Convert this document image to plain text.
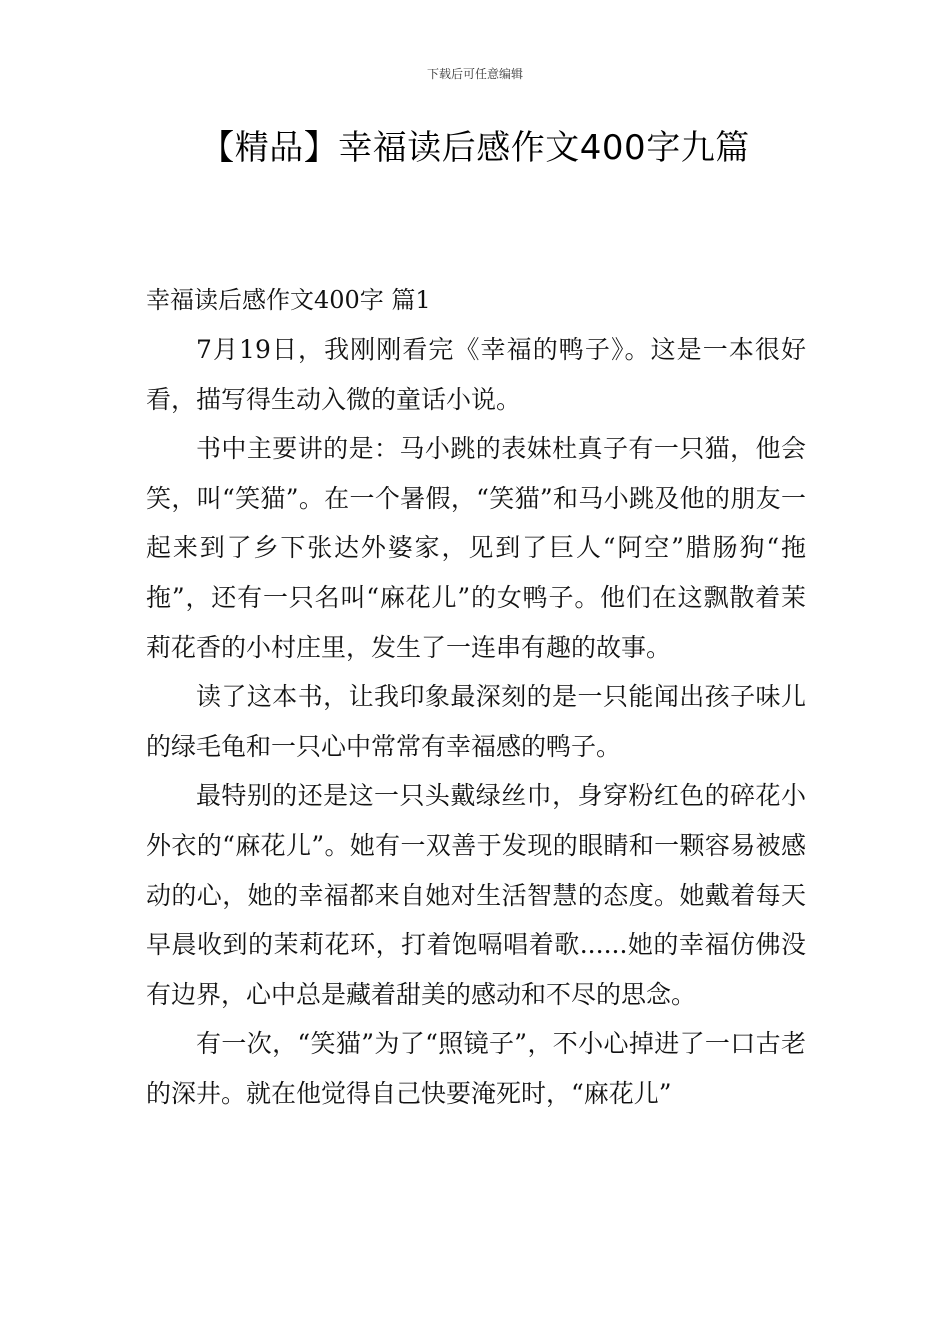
下载后可任意编辑
【精品】幸福读后感作文400字九篇
幸福读后感作文400字 篇1

7月19日，我刚刚看完《幸福的鸭子》。这是一本很好看，描写得生动入微的童话小说。

书中主要讲的是：马小跳的表妹杜真子有一只猫，他会笑，叫“笑猫”。在一个暑假，“笑猫”和马小跳及他的朋友一起来到了乡下张达外婆家，见到了巨人“阿空”腊肠狗“拖拖”，还有一只名叫“麻花儿”的女鸭子。他们在这飘散着茉莉花香的小村庄里，发生了一连串有趣的故事。

读了这本书，让我印象最深刻的是一只能闻出孩子味儿的绿毛龟和一只心中常常有幸福感的鸭子。

最特别的还是这一只头戴绿丝巾，身穿粉红色的碎花小外衣的“麻花儿”。她有一双善于发现的眼睛和一颗容易被感动的心，她的幸福都来自她对生活智慧的态度。她戴着每天早晨收到的茉莉花环，打着饱嗝唱着歌......她的幸福仿佛没有边界，心中总是藏着甜美的感动和不尽的思念。

有一次，“笑猫”为了“照镜子”，不小心掉进了一口古老的深井。就在他觉得自己快要淹死时，“麻花儿”
